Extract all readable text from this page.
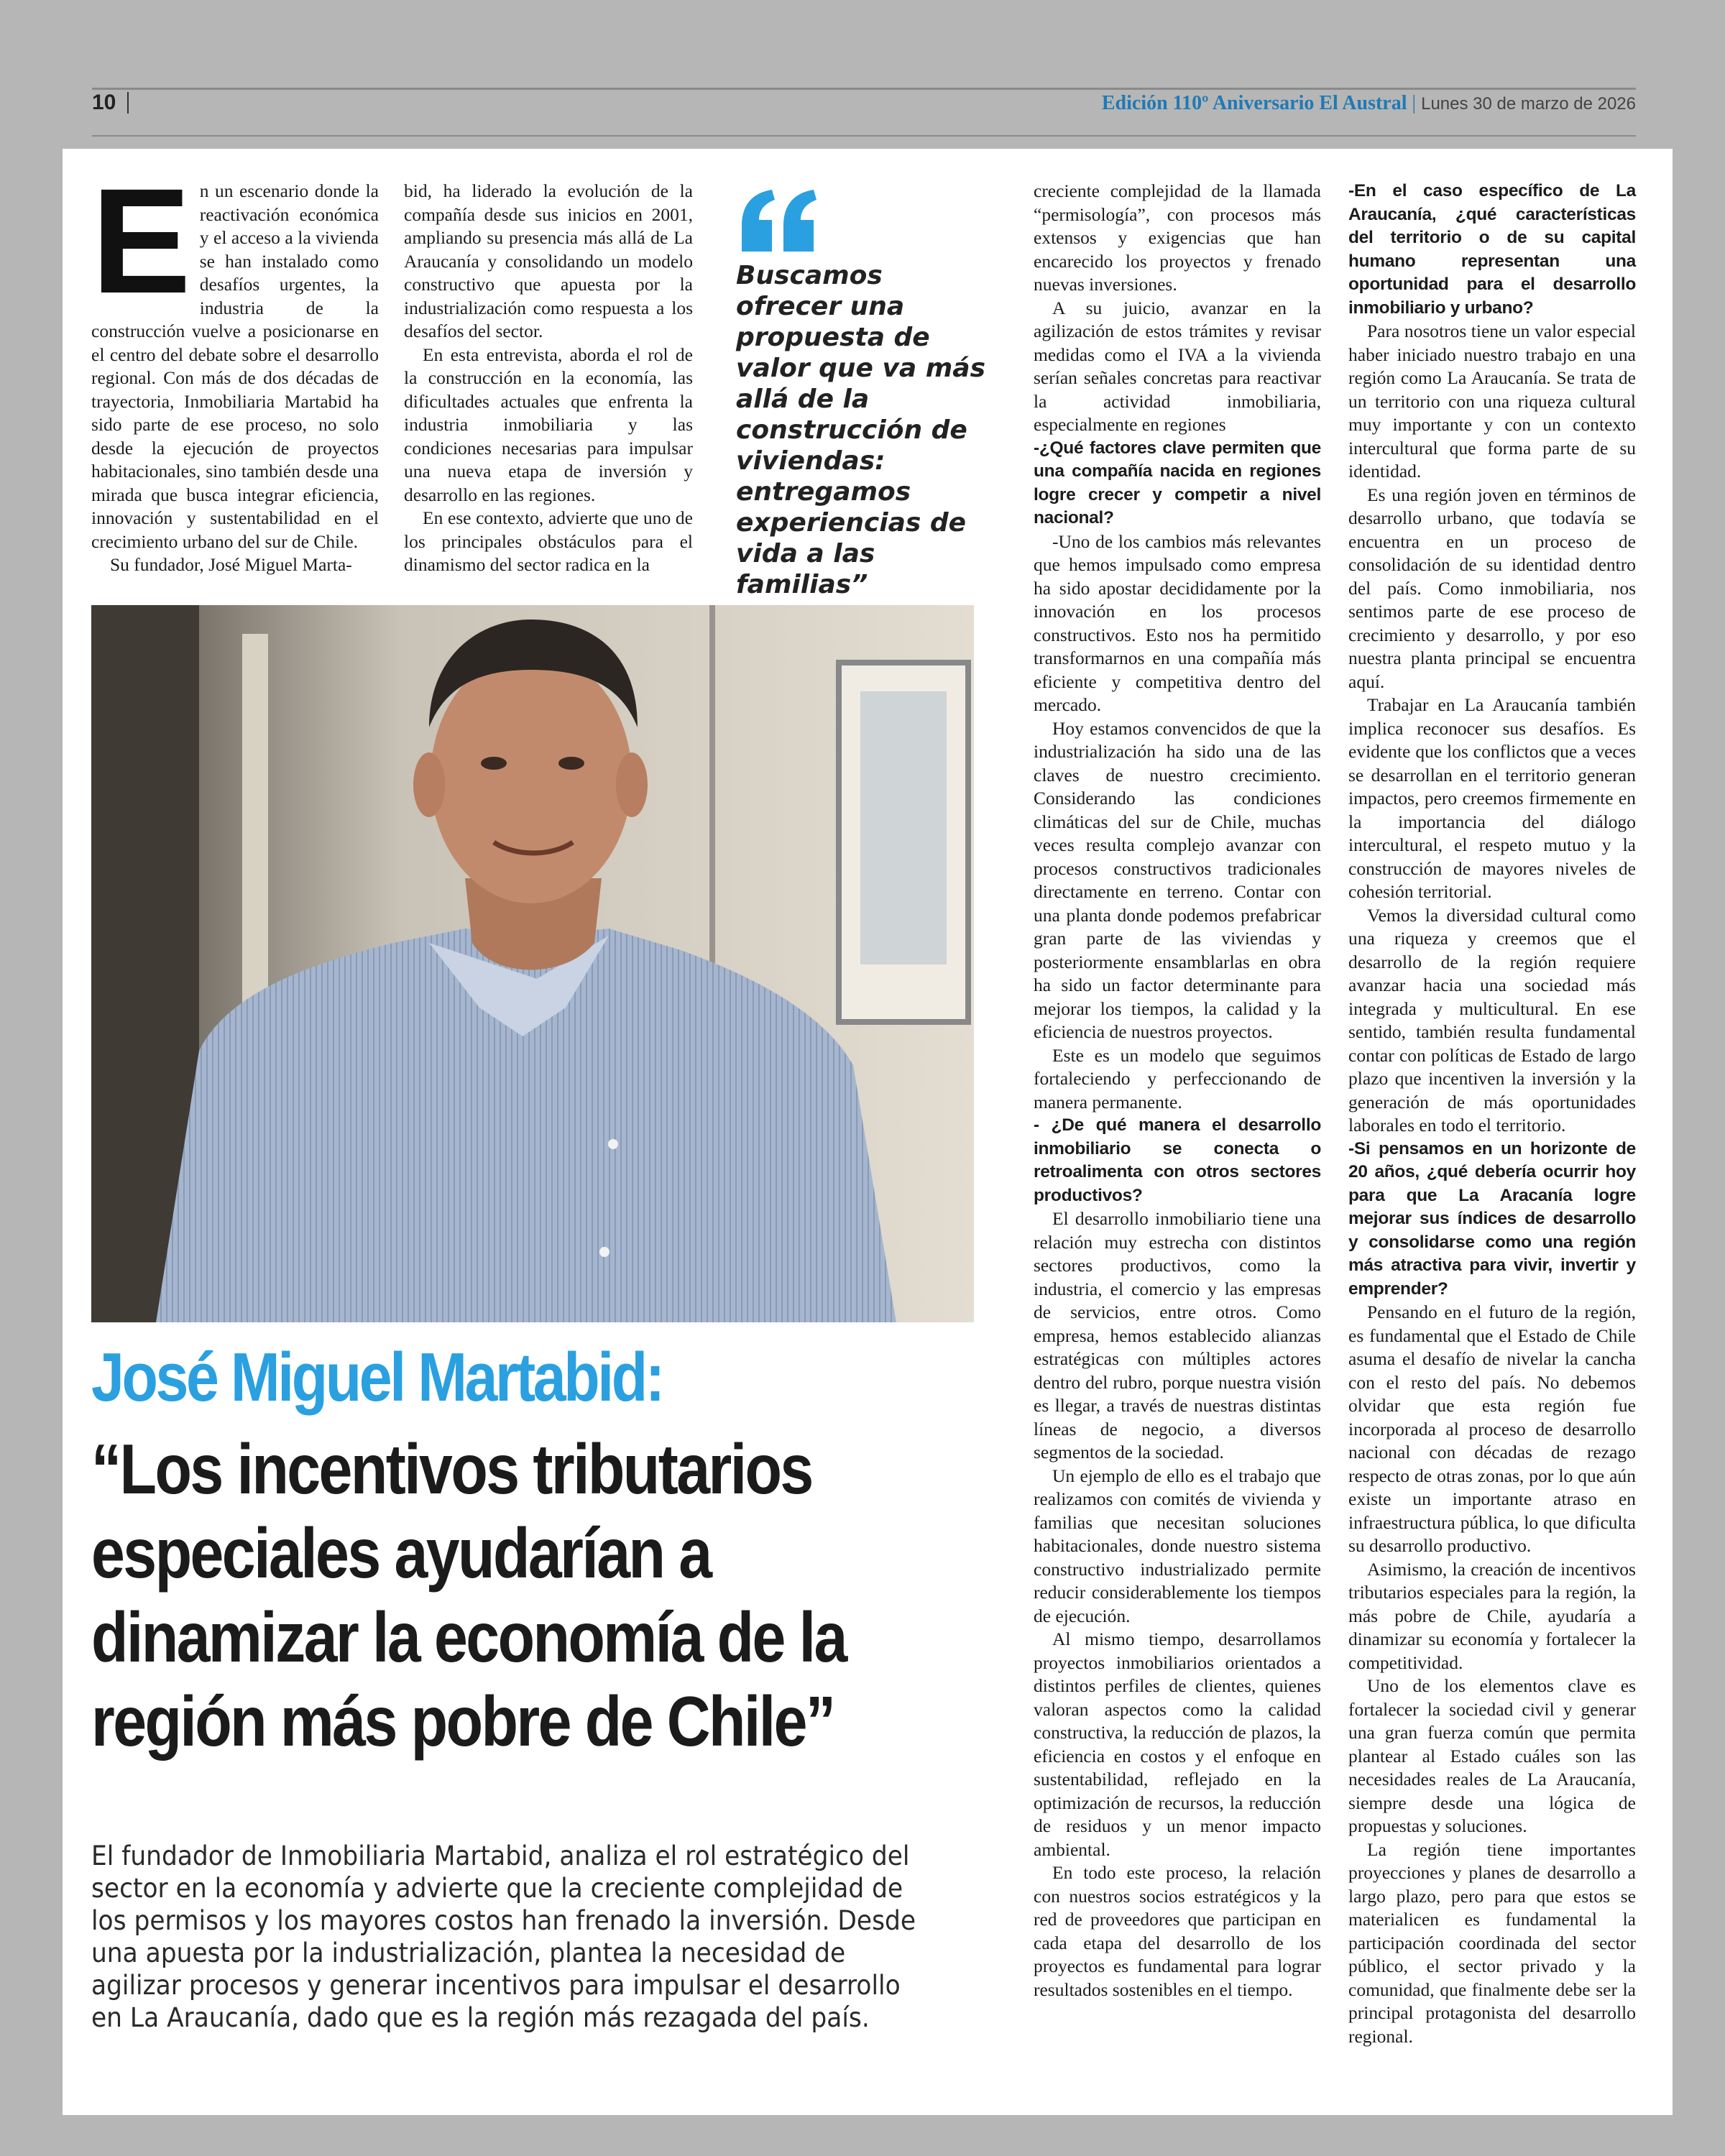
10	Edición 110º Aniversario El Austral | Lunes 30 de marzo de 2026
E n un escenario donde la reactivación económica y el acceso a la vivienda se han instalado como desafíos urgentes, la industria de la construcción vuelve a posicionarse en el centro del debate sobre el desarrollo regional. Con más de dos décadas de trayectoria, Inmobiliaria Martabid ha sido parte de ese proceso, no solo desde la ejecución de proyectos habitacionales, sino también desde una mirada que busca integrar eficiencia, innovación y sustentabilidad en el crecimiento urbano del sur de Chile.

Su fundador, José Miguel Marta-

bid, ha liderado la evolución de la compañía desde sus inicios en 2001, ampliando su presencia más allá de La Araucanía y consolidando un modelo constructivo que apuesta por la industrialización como respuesta a los desafíos del sector.

En esta entrevista, aborda el rol de la construcción en la economía, las dificultades actuales que enfrenta la industria inmobiliaria y las condiciones necesarias para impulsar una nueva etapa de inversión y desarrollo en las regiones.

En ese contexto, advierte que uno de los principales obstáculos para el dinamismo del sector radica en la

Buscamos ofrecer una propuesta de valor que va más allá de la construcción de viviendas: entregamos experiencias de vida a las familias”

José Miguel Martabid:
“Los incentivos tributarios especiales ayudarían a dinamizar la economía de la región más pobre de Chile”

El fundador de Inmobiliaria Martabid, analiza el rol estratégico del sector en la economía y advierte que la creciente complejidad de los permisos y los mayores costos han frenado la inversión. Desde una apuesta por la industrialización, plantea la necesidad de agilizar procesos y generar incentivos para impulsar el desarrollo en La Araucanía, dado que es la región más rezagada del país.

creciente complejidad de la llamada “permisología”, con procesos más extensos y exigencias que han encarecido los proyectos y frenado nuevas inversiones.

A su juicio, avanzar en la agilización de estos trámites y revisar medidas como el IVA a la vivienda serían señales concretas para reactivar la actividad inmobiliaria, especialmente en regiones

-¿Qué factores clave permiten que una compañía nacida en regiones logre crecer y competir a nivel nacional?

-Uno de los cambios más relevantes que hemos impulsado como empresa ha sido apostar decididamente por la innovación en los procesos constructivos. Esto nos ha permitido transformarnos en una compañía más eficiente y competitiva dentro del mercado.

Hoy estamos convencidos de que la industrialización ha sido una de las claves de nuestro crecimiento. Considerando las condiciones climáticas del sur de Chile, muchas veces resulta complejo avanzar con procesos constructivos tradicionales directamente en terreno. Contar con una planta donde podemos prefabricar gran parte de las viviendas y posteriormente ensamblarlas en obra ha sido un factor determinante para mejorar los tiempos, la calidad y la eficiencia de nuestros proyectos.

Este es un modelo que seguimos fortaleciendo y perfeccionando de manera permanente.

- ¿De qué manera el desarrollo inmobiliario se conecta o retroalimenta con otros sectores productivos?

El desarrollo inmobiliario tiene una relación muy estrecha con distintos sectores productivos, como la industria, el comercio y las empresas de servicios, entre otros. Como empresa, hemos establecido alianzas estratégicas con múltiples actores dentro del rubro, porque nuestra visión es llegar, a través de nuestras distintas líneas de negocio, a diversos segmentos de la sociedad.

Un ejemplo de ello es el trabajo que realizamos con comités de vivienda y familias que necesitan soluciones habitacionales, donde nuestro sistema constructivo industrializado permite reducir considerablemente los tiempos de ejecución.

Al mismo tiempo, desarrollamos proyectos inmobiliarios orientados a distintos perfiles de clientes, quienes valoran aspectos como la calidad constructiva, la reducción de plazos, la eficiencia en costos y el enfoque en sustentabilidad, reflejado en la optimización de recursos, la reducción de residuos y un menor impacto ambiental.

En todo este proceso, la relación con nuestros socios estratégicos y la red de proveedores que participan en cada etapa del desarrollo de los proyectos es fundamental para lograr resultados sostenibles en el tiempo.

-En el caso específico de La Araucanía, ¿qué características del territorio o de su capital humano representan una oportunidad para el desarrollo inmobiliario y urbano?

Para nosotros tiene un valor especial haber iniciado nuestro trabajo en una región como La Araucanía. Se trata de un territorio con una riqueza cultural muy importante y con un contexto intercultural que forma parte de su identidad.

Es una región joven en términos de desarrollo urbano, que todavía se encuentra en un proceso de consolidación de su identidad dentro del país. Como inmobiliaria, nos sentimos parte de ese proceso de crecimiento y desarrollo, y por eso nuestra planta principal se encuentra aquí.

Trabajar en La Araucanía también implica reconocer sus desafíos. Es evidente que los conflictos que a veces se desarrollan en el territorio generan impactos, pero creemos firmemente en la importancia del diálogo intercultural, el respeto mutuo y la construcción de mayores niveles de cohesión territorial.

Vemos la diversidad cultural como una riqueza y creemos que el desarrollo de la región requiere avanzar hacia una sociedad más integrada y multicultural. En ese sentido, también resulta fundamental contar con políticas de Estado de largo plazo que incentiven la inversión y la generación de más oportunidades laborales en todo el territorio.

-Si pensamos en un horizonte de 20 años, ¿qué debería ocurrir hoy para que La Aracanía logre mejorar sus índices de desarrollo y consolidarse como una región más atractiva para vivir, invertir y emprender?

Pensando en el futuro de la región, es fundamental que el Estado de Chile asuma el desafío de nivelar la cancha con el resto del país. No debemos olvidar que esta región fue incorporada al proceso de desarrollo nacional con décadas de rezago respecto de otras zonas, por lo que aún existe un importante atraso en infraestructura pública, lo que dificulta su desarrollo productivo.

Asimismo, la creación de incentivos tributarios especiales para la región, la más pobre de Chile, ayudaría a dinamizar su economía y fortalecer la competitividad.

Uno de los elementos clave es fortalecer la sociedad civil y generar una gran fuerza común que permita plantear al Estado cuáles son las necesidades reales de La Araucanía, siempre desde una lógica de propuestas y soluciones.

La región tiene importantes proyecciones y planes de desarrollo a largo plazo, pero para que estos se materialicen es fundamental la participación coordinada del sector público, el sector privado y la comunidad, que finalmente debe ser la principal protagonista del desarrollo regional.
